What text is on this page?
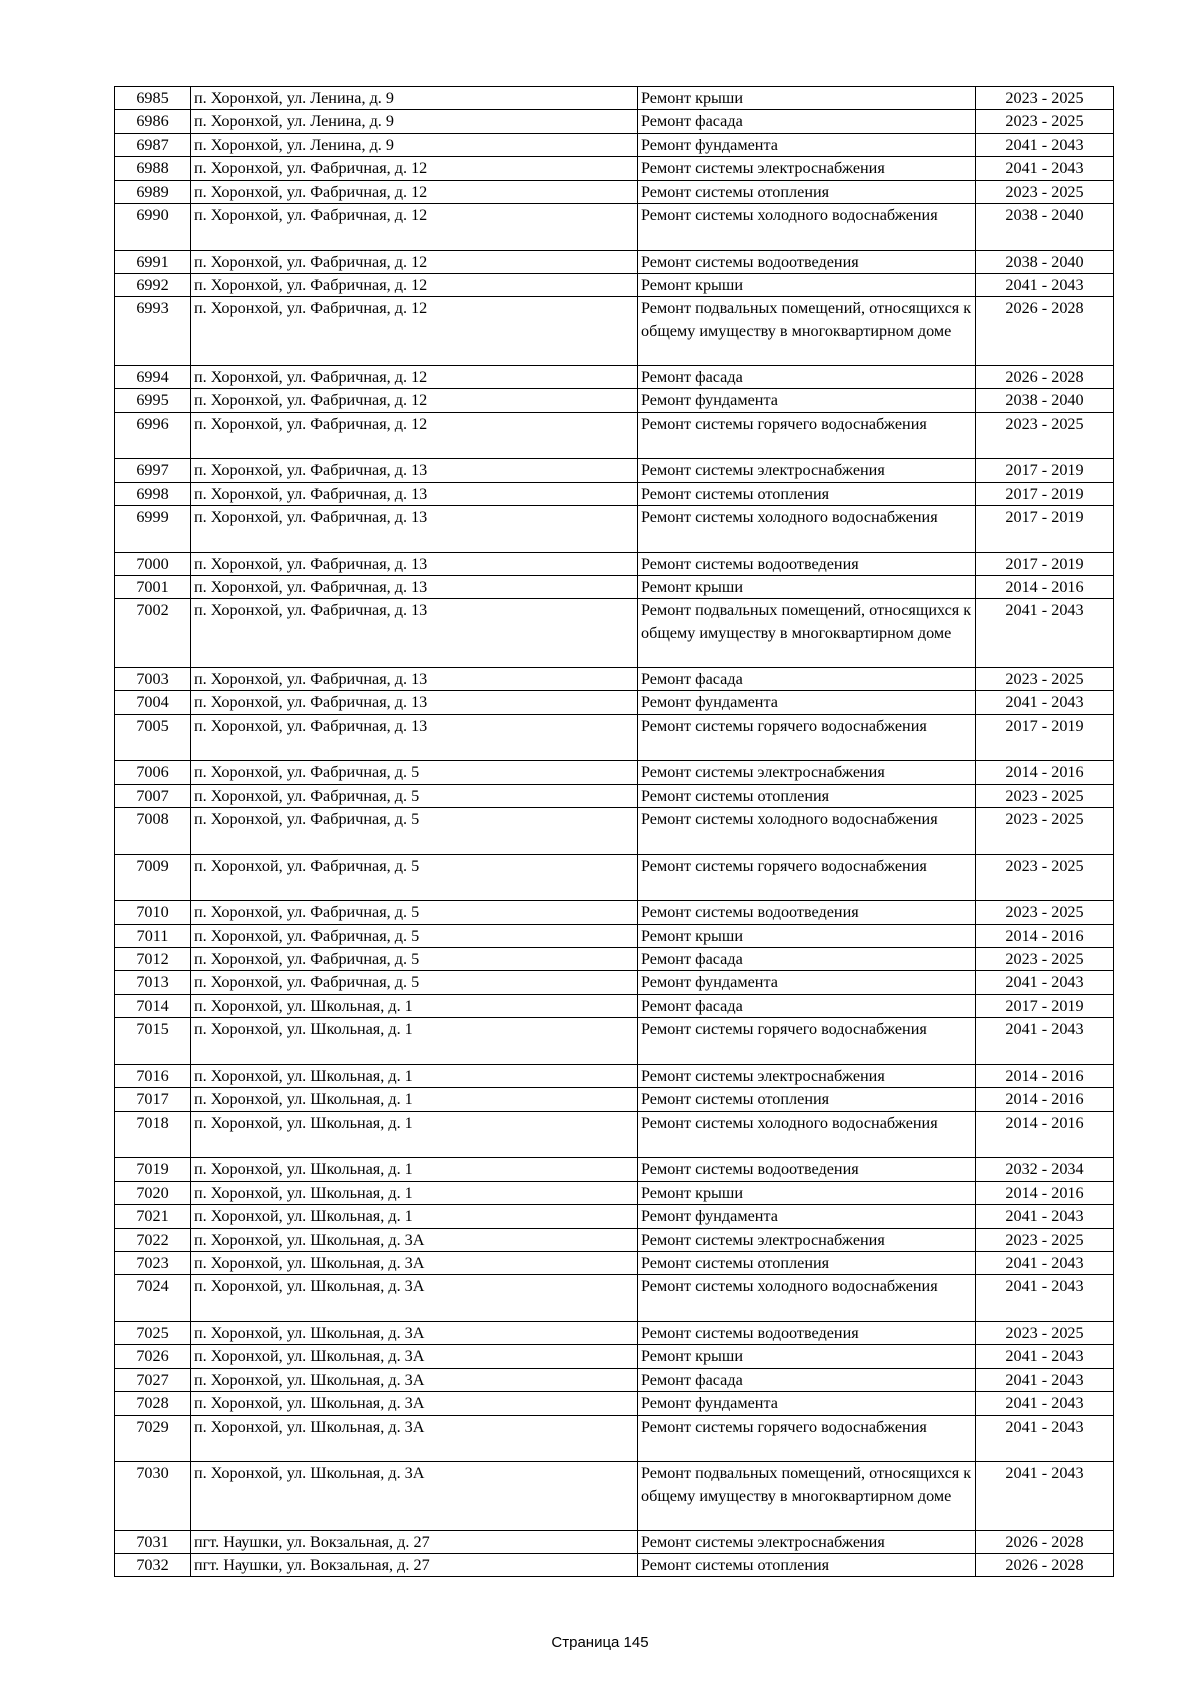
6985	п. Хоронхой, ул. Ленина, д. 9	Ремонт крыши	2023 - 2025
6986	п. Хоронхой, ул. Ленина, д. 9	Ремонт фасада	2023 - 2025
6987	п. Хоронхой, ул. Ленина, д. 9	Ремонт фундамента	2041 - 2043
6988	п. Хоронхой, ул. Фабричная, д. 12	Ремонт системы электроснабжения	2041 - 2043
6989	п. Хоронхой, ул. Фабричная, д. 12	Ремонт системы отопления	2023 - 2025
6990	п. Хоронхой, ул. Фабричная, д. 12	Ремонт системы холодного водоснабжения	2038 - 2040
6991	п. Хоронхой, ул. Фабричная, д. 12	Ремонт системы водоотведения	2038 - 2040
6992	п. Хоронхой, ул. Фабричная, д. 12	Ремонт крыши	2041 - 2043
6993	п. Хоронхой, ул. Фабричная, д. 12	Ремонт подвальных помещений, относящихся к общему имуществу в многоквартирном доме	2026 - 2028
6994	п. Хоронхой, ул. Фабричная, д. 12	Ремонт фасада	2026 - 2028
6995	п. Хоронхой, ул. Фабричная, д. 12	Ремонт фундамента	2038 - 2040
6996	п. Хоронхой, ул. Фабричная, д. 12	Ремонт системы горячего водоснабжения	2023 - 2025
6997	п. Хоронхой, ул. Фабричная, д. 13	Ремонт системы электроснабжения	2017 - 2019
6998	п. Хоронхой, ул. Фабричная, д. 13	Ремонт системы отопления	2017 - 2019
6999	п. Хоронхой, ул. Фабричная, д. 13	Ремонт системы холодного водоснабжения	2017 - 2019
7000	п. Хоронхой, ул. Фабричная, д. 13	Ремонт системы водоотведения	2017 - 2019
7001	п. Хоронхой, ул. Фабричная, д. 13	Ремонт крыши	2014 - 2016
7002	п. Хоронхой, ул. Фабричная, д. 13	Ремонт подвальных помещений, относящихся к общему имуществу в многоквартирном доме	2041 - 2043
7003	п. Хоронхой, ул. Фабричная, д. 13	Ремонт фасада	2023 - 2025
7004	п. Хоронхой, ул. Фабричная, д. 13	Ремонт фундамента	2041 - 2043
7005	п. Хоронхой, ул. Фабричная, д. 13	Ремонт системы горячего водоснабжения	2017 - 2019
7006	п. Хоронхой, ул. Фабричная, д. 5	Ремонт системы электроснабжения	2014 - 2016
7007	п. Хоронхой, ул. Фабричная, д. 5	Ремонт системы отопления	2023 - 2025
7008	п. Хоронхой, ул. Фабричная, д. 5	Ремонт системы холодного водоснабжения	2023 - 2025
7009	п. Хоронхой, ул. Фабричная, д. 5	Ремонт системы горячего водоснабжения	2023 - 2025
7010	п. Хоронхой, ул. Фабричная, д. 5	Ремонт системы водоотведения	2023 - 2025
7011	п. Хоронхой, ул. Фабричная, д. 5	Ремонт крыши	2014 - 2016
7012	п. Хоронхой, ул. Фабричная, д. 5	Ремонт фасада	2023 - 2025
7013	п. Хоронхой, ул. Фабричная, д. 5	Ремонт фундамента	2041 - 2043
7014	п. Хоронхой, ул. Школьная, д. 1	Ремонт фасада	2017 - 2019
7015	п. Хоронхой, ул. Школьная, д. 1	Ремонт системы горячего водоснабжения	2041 - 2043
7016	п. Хоронхой, ул. Школьная, д. 1	Ремонт системы электроснабжения	2014 - 2016
7017	п. Хоронхой, ул. Школьная, д. 1	Ремонт системы отопления	2014 - 2016
7018	п. Хоронхой, ул. Школьная, д. 1	Ремонт системы холодного водоснабжения	2014 - 2016
7019	п. Хоронхой, ул. Школьная, д. 1	Ремонт системы водоотведения	2032 - 2034
7020	п. Хоронхой, ул. Школьная, д. 1	Ремонт крыши	2014 - 2016
7021	п. Хоронхой, ул. Школьная, д. 1	Ремонт фундамента	2041 - 2043
7022	п. Хоронхой, ул. Школьная, д. 3А	Ремонт системы электроснабжения	2023 - 2025
7023	п. Хоронхой, ул. Школьная, д. 3А	Ремонт системы отопления	2041 - 2043
7024	п. Хоронхой, ул. Школьная, д. 3А	Ремонт системы холодного водоснабжения	2041 - 2043
7025	п. Хоронхой, ул. Школьная, д. 3А	Ремонт системы водоотведения	2023 - 2025
7026	п. Хоронхой, ул. Школьная, д. 3А	Ремонт крыши	2041 - 2043
7027	п. Хоронхой, ул. Школьная, д. 3А	Ремонт фасада	2041 - 2043
7028	п. Хоронхой, ул. Школьная, д. 3А	Ремонт фундамента	2041 - 2043
7029	п. Хоронхой, ул. Школьная, д. 3А	Ремонт системы горячего водоснабжения	2041 - 2043
7030	п. Хоронхой, ул. Школьная, д. 3А	Ремонт подвальных помещений, относящихся к общему имуществу в многоквартирном доме	2041 - 2043
7031	пгт. Наушки, ул. Вокзальная, д. 27	Ремонт системы электроснабжения	2026 - 2028
7032	пгт. Наушки, ул. Вокзальная, д. 27	Ремонт системы отопления	2026 - 2028
Страница 145
